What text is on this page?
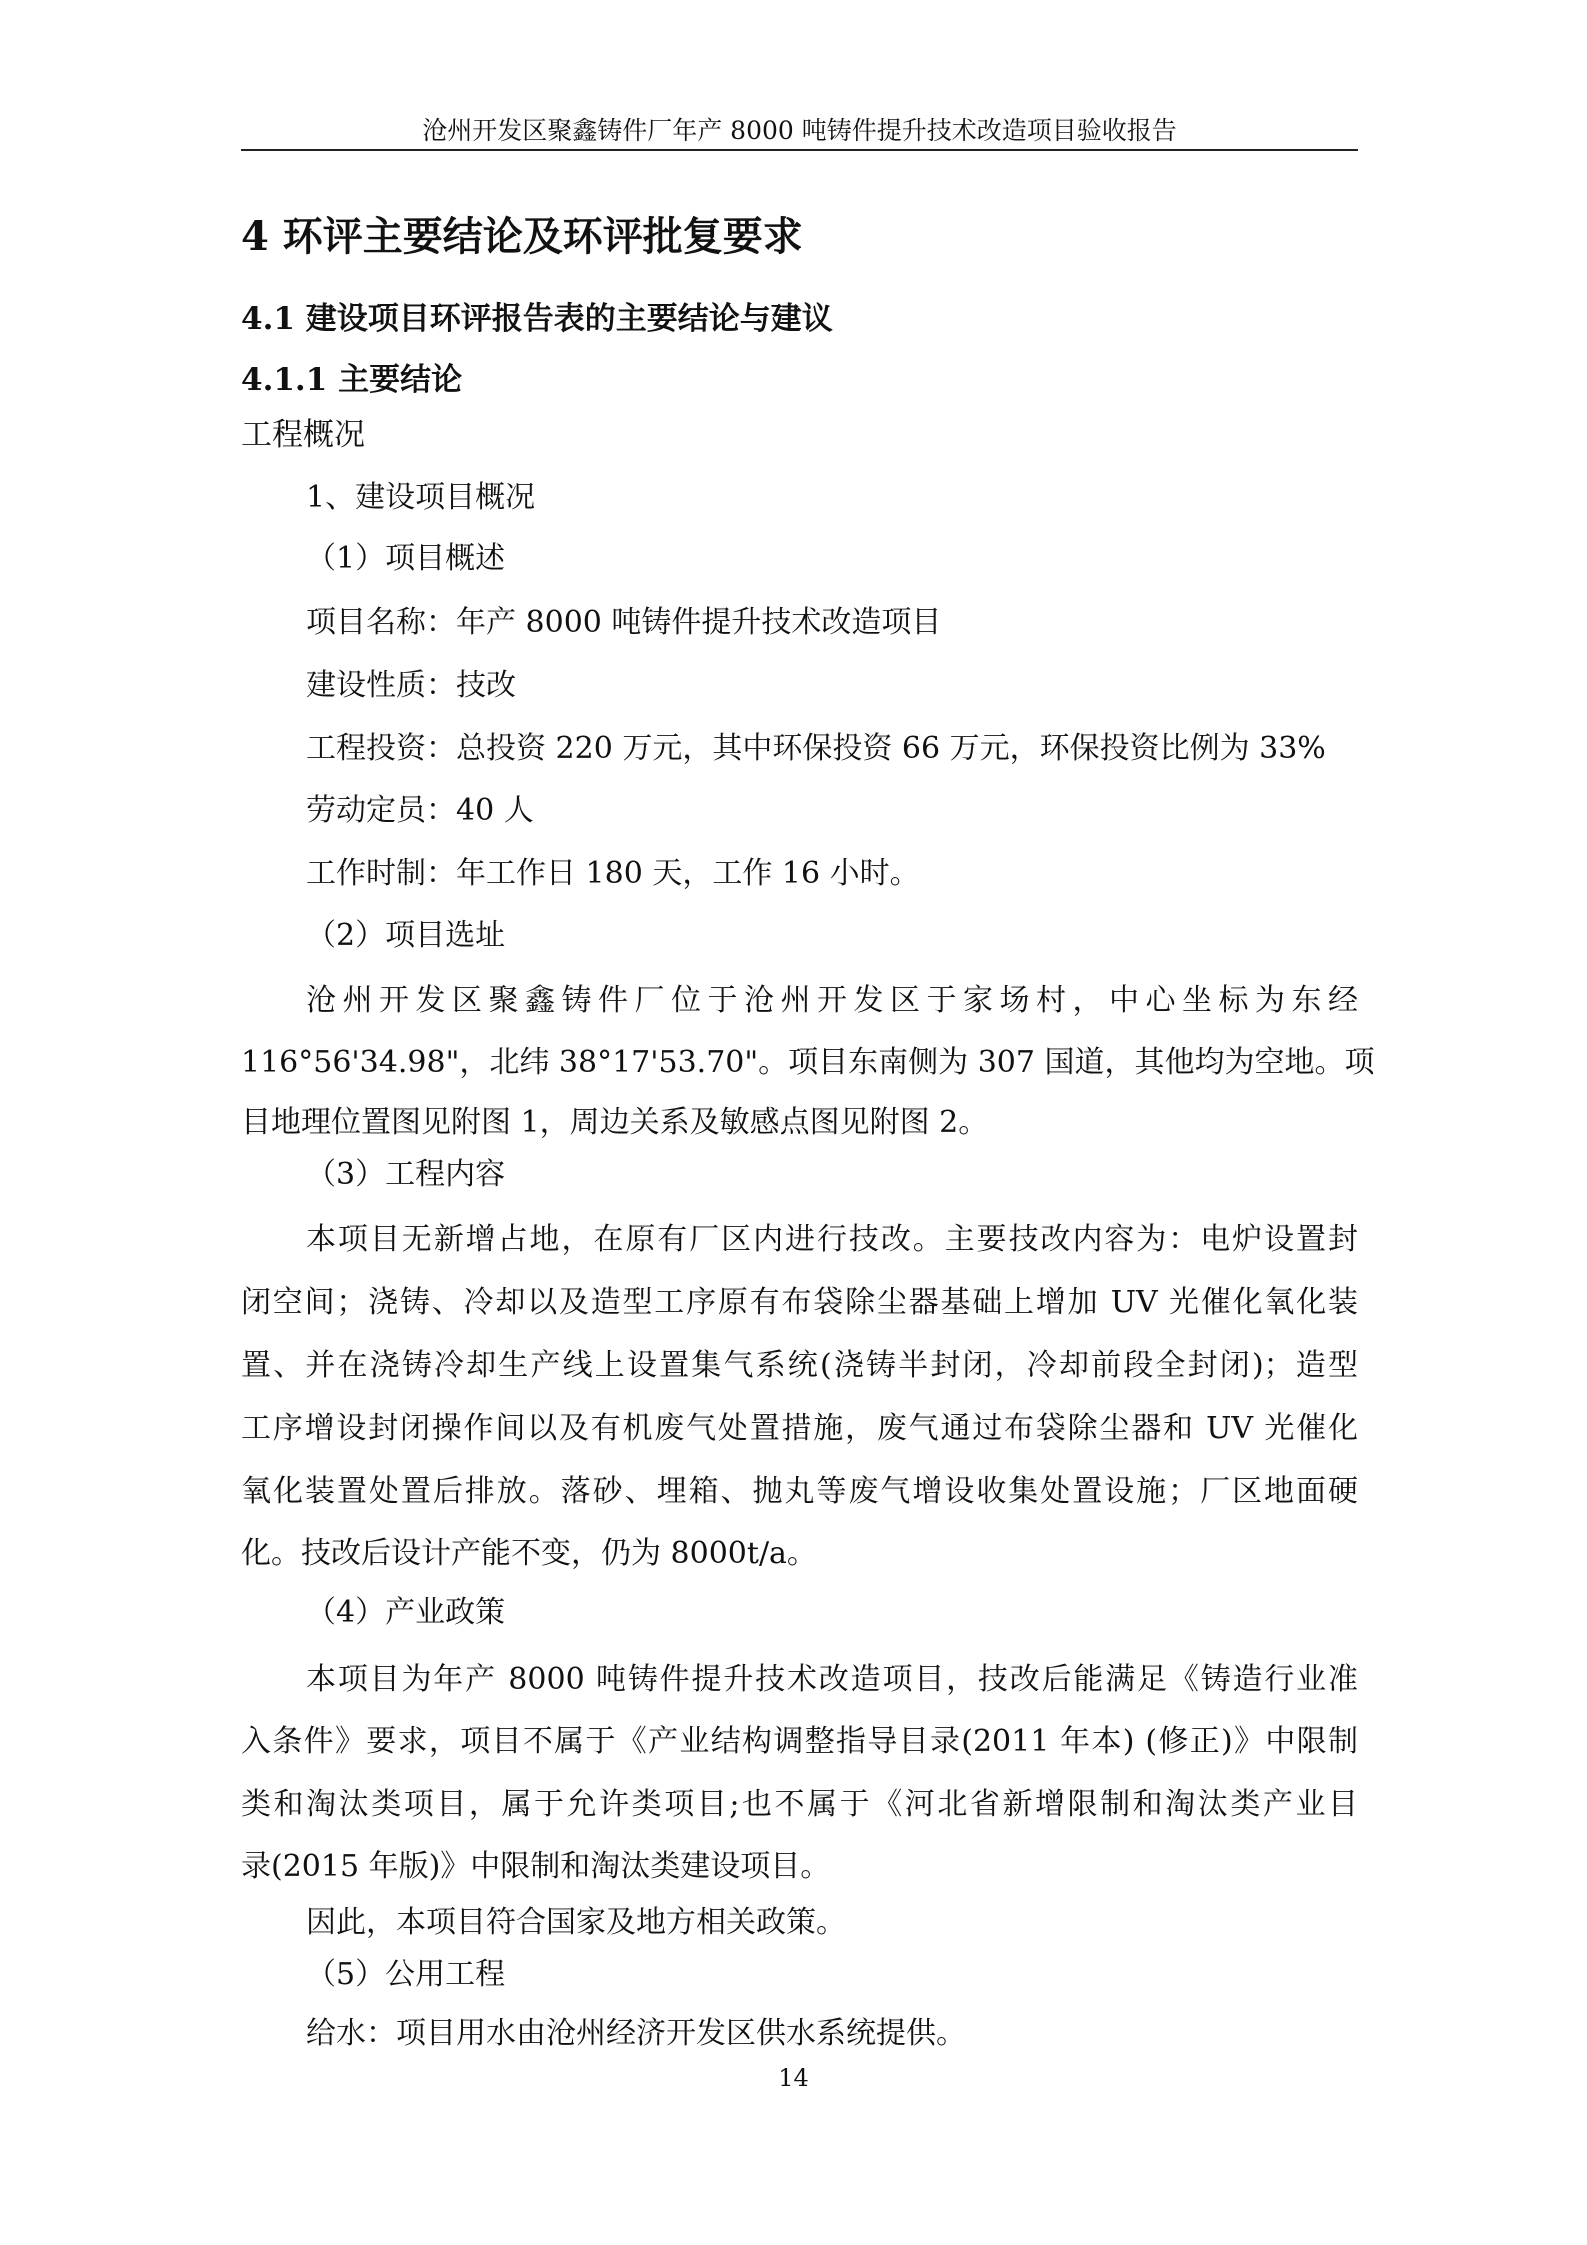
沧州开发区聚鑫铸件厂年产 8000 吨铸件提升技术改造项目验收报告
4 环评主要结论及环评批复要求
4.1 建设项目环评报告表的主要结论与建议
4.1.1 主要结论
工程概况
1、建设项目概况
（1）项目概述
项目名称：年产 8000 吨铸件提升技术改造项目
建设性质：技改
工程投资：总投资 220 万元，其中环保投资 66 万元，环保投资比例为 33%
劳动定员：40 人
工作时制：年工作日 180 天，工作 16 小时。
（2）项目选址
沧州开发区聚鑫铸件厂位于沧州开发区于家场村，中心坐标为东经
116°56'34.98"，北纬 38°17'53.70"。项目东南侧为 307 国道，其他均为空地。项
目地理位置图见附图 1，周边关系及敏感点图见附图 2。
（3）工程内容
本项目无新增占地，在原有厂区内进行技改。主要技改内容为：电炉设置封
闭空间；浇铸、冷却以及造型工序原有布袋除尘器基础上增加 UV 光催化氧化装
置、并在浇铸冷却生产线上设置集气系统(浇铸半封闭，冷却前段全封闭)；造型
工序增设封闭操作间以及有机废气处置措施，废气通过布袋除尘器和 UV 光催化
氧化装置处置后排放。落砂、埋箱、抛丸等废气增设收集处置设施；厂区地面硬
化。技改后设计产能不变，仍为 8000t/a。
（4）产业政策
本项目为年产 8000 吨铸件提升技术改造项目，技改后能满足《铸造行业准
入条件》要求，项目不属于《产业结构调整指导目录(2011 年本) (修正)》中限制
类和淘汰类项目，属于允许类项目;也不属于《河北省新增限制和淘汰类产业目
录(2015 年版)》中限制和淘汰类建设项目。
因此，本项目符合国家及地方相关政策。
（5）公用工程
给水：项目用水由沧州经济开发区供水系统提供。
14
